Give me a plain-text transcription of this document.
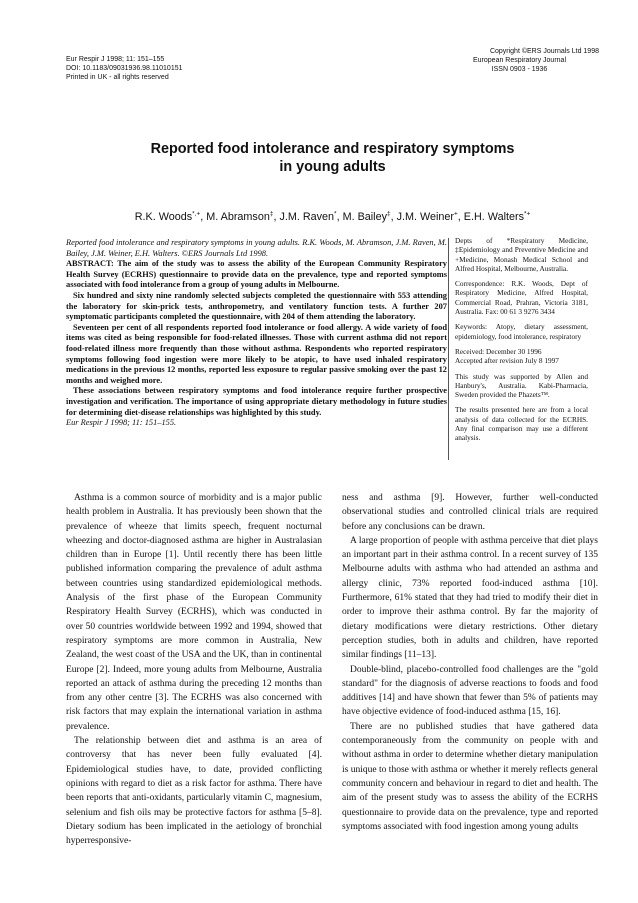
Eur Respir J 1998; 11: 151–155
DOI: 10.1183/09031936.98.11010151
Printed in UK - all rights reserved
Copyright ©ERS Journals Ltd 1998
European Respiratory Journal
ISSN 0903 - 1936
Reported food intolerance and respiratory symptoms
in young adults
R.K. Woods*,+, M. Abramson‡, J.M. Raven*, M. Bailey‡, J.M. Weiner+, E.H. Walters*+

Reported food intolerance and respiratory symptoms in young adults. R.K. Woods, M. Abramson, J.M. Raven, M. Bailey, J.M. Weiner, E.H. Walters. ©ERS Journals Ltd 1998.

ABSTRACT: The aim of the study was to assess the ability of the European Community Respiratory Health Survey (ECRHS) questionnaire to provide data on the prevalence, type and reported symptoms associated with food intolerance from a group of young adults in Melbourne.

Six hundred and sixty nine randomly selected subjects completed the questionnaire with 553 attending the laboratory for skin-prick tests, anthropometry, and ventilatory function tests. A further 207 symptomatic participants completed the questionnaire, with 204 of them attending the laboratory.

Seventeen per cent of all respondents reported food intolerance or food allergy. A wide variety of food items was cited as being responsible for food-related illnesses. Those with current asthma did not report food-related illness more frequently than those without asthma. Respondents who reported respiratory symptoms following food ingestion were more likely to be atopic, to have used inhaled respiratory medications in the previous 12 months, reported less exposure to regular passive smoking over the past 12 months and weighed more.

These associations between respiratory symptoms and food intolerance require further prospective investigation and verification. The importance of using appropriate dietary methodology in future studies for determining diet-disease relationships was highlighted by this study.

Eur Respir J 1998; 11: 151–155.

Depts of *Respiratory Medicine, ‡Epidemiology and Preventive Medicine and +Medicine, Monash Medical School and Alfred Hospital, Melbourne, Australia.

Correspondence: R.K. Woods, Dept of Respiratory Medicine, Alfred Hospital, Commercial Road, Prahran, Victoria 3181, Australia. Fax: 00 61 3 9276 3434

Keywords: Atopy, dietary assessment, epidemiology, food intolerance, respiratory

Received: December 30 1996
Accepted after revision July 8 1997

This study was supported by Allen and Hanbury's, Australia. Kabi-Pharmacia, Sweden provided the Phazets™.

The results presented here are from a local analysis of data collected for the ECRHS. Any final comparison may use a different analysis.

Asthma is a common source of morbidity and is a major public health problem in Australia. It has previously been shown that the prevalence of wheeze that limits speech, frequent nocturnal wheezing and doctor-diagnosed asthma are higher in Australasian children than in Europe [1]. Until recently there has been little published information comparing the prevalence of adult asthma between countries using standardized epidemiological methods. Analysis of the first phase of the European Community Respiratory Health Survey (ECRHS), which was conducted in over 50 countries worldwide between 1992 and 1994, showed that respiratory symptoms are more common in Australia, New Zealand, the west coast of the USA and the UK, than in continental Europe [2]. Indeed, more young adults from Melbourne, Australia reported an attack of asthma during the preceding 12 months than from any other centre [3]. The ECRHS was also concerned with risk factors that may explain the international variation in asthma prevalence.

The relationship between diet and asthma is an area of controversy that has never been fully evaluated [4]. Epidemiological studies have, to date, provided conflicting opinions with regard to diet as a risk factor for asthma. There have been reports that anti-oxidants, particularly vitamin C, magnesium, selenium and fish oils may be protective factors for asthma [5–8]. Dietary sodium has been implicated in the aetiology of bronchial hyperresponsive-

ness and asthma [9]. However, further well-conducted observational studies and controlled clinical trials are required before any conclusions can be drawn.

A large proportion of people with asthma perceive that diet plays an important part in their asthma control. In a recent survey of 135 Melbourne adults with asthma who had attended an asthma and allergy clinic, 73% reported food-induced asthma [10]. Furthermore, 61% stated that they had tried to modify their diet in order to improve their asthma control. By far the majority of dietary modifications were dietary restrictions. Other dietary perception studies, both in adults and children, have reported similar findings [11–13].

Double-blind, placebo-controlled food challenges are the "gold standard" for the diagnosis of adverse reactions to foods and food additives [14] and have shown that fewer than 5% of patients may have objective evidence of food-induced asthma [15, 16].

There are no published studies that have gathered data contemporaneously from the community on people with and without asthma in order to determine whether dietary manipulation is unique to those with asthma or whether it merely reflects general community concern and behaviour in regard to diet and health. The aim of the present study was to assess the ability of the ECRHS questionnaire to provide data on the prevalence, type and reported symptoms associated with food ingestion among young adults
